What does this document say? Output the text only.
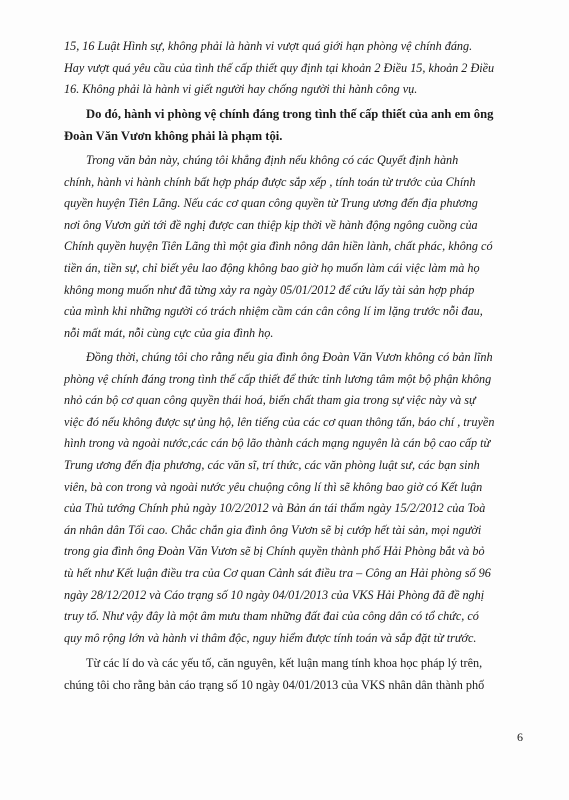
15, 16 Luật Hình sự, không phải là hành vi vượt quá giới hạn phòng vệ chính đáng.
Hay vượt quá yêu cầu của tình thế cấp thiết quy định tại khoản 2 Điều 15, khoản 2 Điều
16. Không phải là hành vi giết người hay chống người thi hành công vụ.
Do đó, hành vi phòng vệ chính đáng trong tình thế cấp thiết của anh em ông
Đoàn Văn Vươn không phải là phạm tội.
Trong văn bản này, chúng tôi khẳng định nếu không có các Quyết định hành
chính, hành vi hành chính bất hợp pháp được sắp xếp , tính toán từ trước của Chính
quyền huyện Tiên Lãng. Nếu các cơ quan công quyền từ Trung ương đến địa phương
nơi ông Vươn gửi tới đề nghị được can thiệp kịp thời về hành động ngông cuồng của
Chính quyền huyện Tiên Lãng thì một gia đình nông dân hiền lành, chất phác, không có
tiền án, tiền sự, chỉ biết yêu lao động không bao giờ họ muốn làm cái việc làm mà họ
không mong muốn như đã từng xảy ra ngày 05/01/2012 để cứu lấy tài sản hợp pháp
của mình khi những người có trách nhiệm cầm cán cân công lí im lặng trước nỗi đau,
nỗi mất mát, nỗi cùng cực của gia đình họ.
Đồng thời, chúng tôi cho rằng nếu gia đình ông Đoàn Văn Vươn không có bản lĩnh
phòng vệ chính đáng trong tình thế cấp thiết để thức tỉnh lương tâm một bộ phận không
nhỏ cán bộ cơ quan công quyền thái hoá, biến chất tham gia trong sự việc này và sự
việc đó nếu không được sự ủng hộ, lên tiếng của các cơ quan thông tấn, báo chí , truyền
hình trong và ngoài nước,các cán bộ lão thành cách mạng nguyên là cán bộ cao cấp từ
Trung ương đến địa phương, các văn sĩ, trí thức, các văn phòng luật sư, các bạn sinh
viên, bà con trong và ngoài nước yêu chuộng công lí thì sẽ không bao giờ có Kết luận
của Thủ tướng Chính phủ ngày 10/2/2012 và Bản án tái thẩm ngày 15/2/2012 của Toà
án nhân dân Tối cao. Chắc chắn gia đình ông Vươn sẽ bị cướp hết tài sản, mọi người
trong gia đình ông Đoàn Văn Vươn sẽ bị Chính quyền thành phố Hải Phòng bắt và bỏ
tù hết như Kết luận điều tra của Cơ quan Cảnh sát điều tra – Công an Hải phòng số 96
ngày 28/12/2012 và Cáo trạng số 10 ngày 04/01/2013 của VKS Hải Phòng đã đề nghị
truy tố. Như vậy đây là một âm mưu tham những đất đai của công dân có tổ chức, có
quy mô rộng lớn và hành vi thâm độc, nguy hiểm được tính toán và sắp đặt từ trước.
Từ các lí do và các yếu tố, căn nguyên, kết luận mang tính khoa học pháp lý trên,
chúng tôi cho rằng bản cáo trạng số 10 ngày 04/01/2013 của VKS nhân dân thành phố
6
